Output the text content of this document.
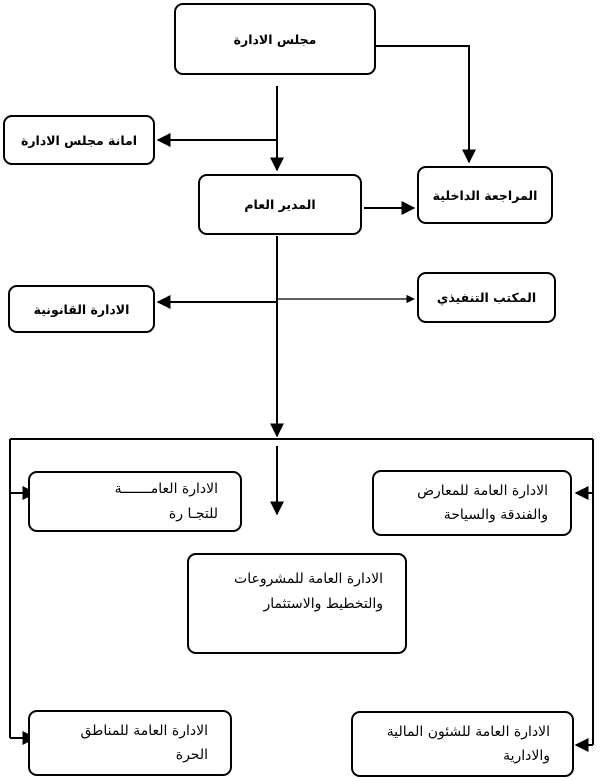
مجلس الادارة
امانة مجلس الادارة
المدير العام
المراجعة الداخلية
الادارة القانونية
المكتب التنفيذي
الادارة العامـــــــة
للتجـا رة
الادارة العامة للمعارض
والفندقة والسياحة
الادارة العامة للمشروعات
والتخطيط والاستثمار
الادارة العامة للمناطق
الحرة
الادارة العامة للشئون المالية
والادارية
